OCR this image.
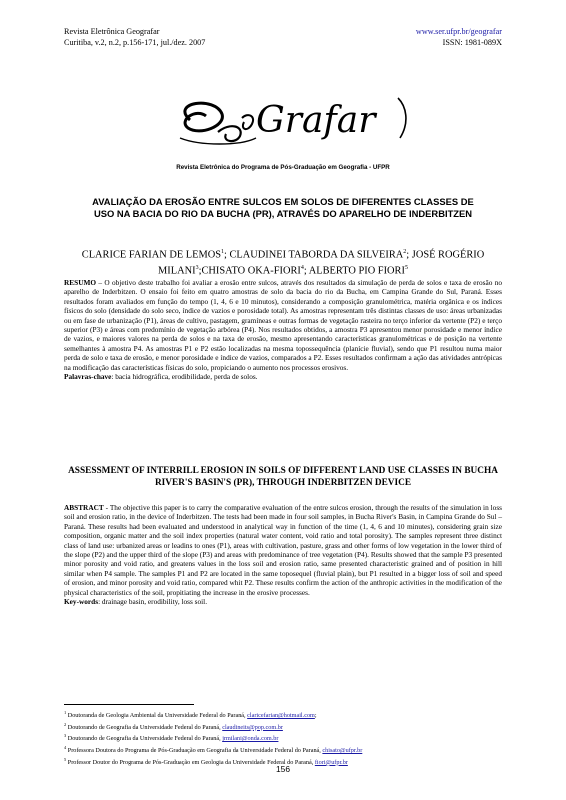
Revista Eletrônica Geografar
Curitiba, v.2, n.2, p.156-171, jul./dez. 2007
www.ser.ufpr.br/geografar
ISSN: 1981-089X
Grafar
Revista Eletrônica do Programa de Pós-Graduação em Geografia - UFPR
AVALIAÇÃO DA EROSÃO ENTRE SULCOS EM SOLOS DE DIFERENTES CLASSES DE USO NA BACIA DO RIO DA BUCHA (PR), ATRAVÉS DO APARELHO DE INDERBITZEN
CLARICE FARIAN DE LEMOS$^1$; CLAUDINEI TABORDA DA SILVEIRA$^2$; JOSÉ ROGÉRIO MILANI$^3$;CHISATO OKA-FIORI$^4$; ALBERTO PIO FIORI$^5$
RESUMO – O objetivo deste trabalho foi avaliar a erosão entre sulcos, através dos resultados da simulação de perda de solos e taxa de erosão no aparelho de Inderbitzen. O ensaio foi feito em quatro amostras de solo da bacia do rio da Bucha, em Campina Grande do Sul, Paraná. Esses resultados foram avaliados em função do tempo (1, 4, 6 e 10 minutos), considerando a composição granulométrica, matéria orgânica e os índices físicos do solo (densidade do solo seco, índice de vazios e porosidade total). As amostras representam três distintas classes de uso: áreas urbanizadas ou em fase de urbanização (P1), áreas de cultivo, pastagem, gramíneas e outras formas de vegetação rasteira no terço inferior da vertente (P2) e terço superior (P3) e áreas com predomínio de vegetação arbórea (P4). Nos resultados obtidos, a amostra P3 apresentou menor porosidade e menor índice de vazios, e maiores valores na perda de solos e na taxa de erosão, mesmo apresentando características granulométricas e de posição na vertente semelhantes à amostra P4. As amostras P1 e P2 estão localizadas na mesma topossequência (planície fluvial), sendo que P1 resultou numa maior perda de solo e taxa de erosão, e menor porosidade e índice de vazios, comparados a P2. Esses resultados confirmam a ação das atividades antrópicas na modificação das características físicas do solo, propiciando o aumento nos processos erosivos.
Palavras-chave: bacia hidrográfica, erodibilidade, perda de solos.
ASSESSMENT OF INTERRILL EROSION IN SOILS OF DIFFERENT LAND USE CLASSES IN BUCHA RIVER'S BASIN'S (PR), THROUGH INDERBITZEN DEVICE
ABSTRACT - The objective this paper is to carry the comparative evaluation of the entre sulcos erosion, through the results of the simulation in loss soil and erosion ratio, in the device of Inderbitzen. The tests had been made in four soil samples, in Bucha River's Basin, in Campina Grande do Sul – Paraná. These results had been evaluated and understood in analytical way in function of the time (1, 4, 6 and 10 minutes), considering grain size composition, organic matter and the soil index properties (natural water content, void ratio and total porosity). The samples represent three distinct class of land use: urbanized areas or leadins to ones (P1), areas with cultivation, pasture, grass and other forms of low vegetation in the lower third of the slope (P2) and the upper third of the slope (P3) and areas with predominance of tree vegetation (P4). Results showed that the sample P3 presented minor porosity and void ratio, and greatens values in the loss soil and erosion ratio, same presented characteristic grained and of position in hill similar when P4 sample. The samples P1 and P2 are located in the same toposequel (fluvial plain), but P1 resulted in a bigger loss of soil and speed of erosion, and minor porosity and void ratio, compared whit P2. These results confirm the action of the anthropic activities in the modification of the physical characteristics of the soil, propitiating the increase in the erosive processes.
Key-words: drainage basin, erodibility, loss soil.
$^1$ Doutoranda de Geologia Ambiental da Universidade Federal do Paraná, claricefarian@hotmail.com;
$^2$ Doutorando de Geografia da Universidade Federal do Paraná, claudineits@pop.com.br
$^3$ Doutorando de Geografia da Universidade Federal do Paraná, jrmilani@onda.com.br
$^4$ Professora Doutora do Programa de Pós-Graduação em Geografia da Universidade Federal do Paraná, chisato@ufpr.br
$^5$ Professor Doutor do Programa de Pós-Graduação em Geologia da Universidade Federal do Paraná, fiori@ufpr.br
156
